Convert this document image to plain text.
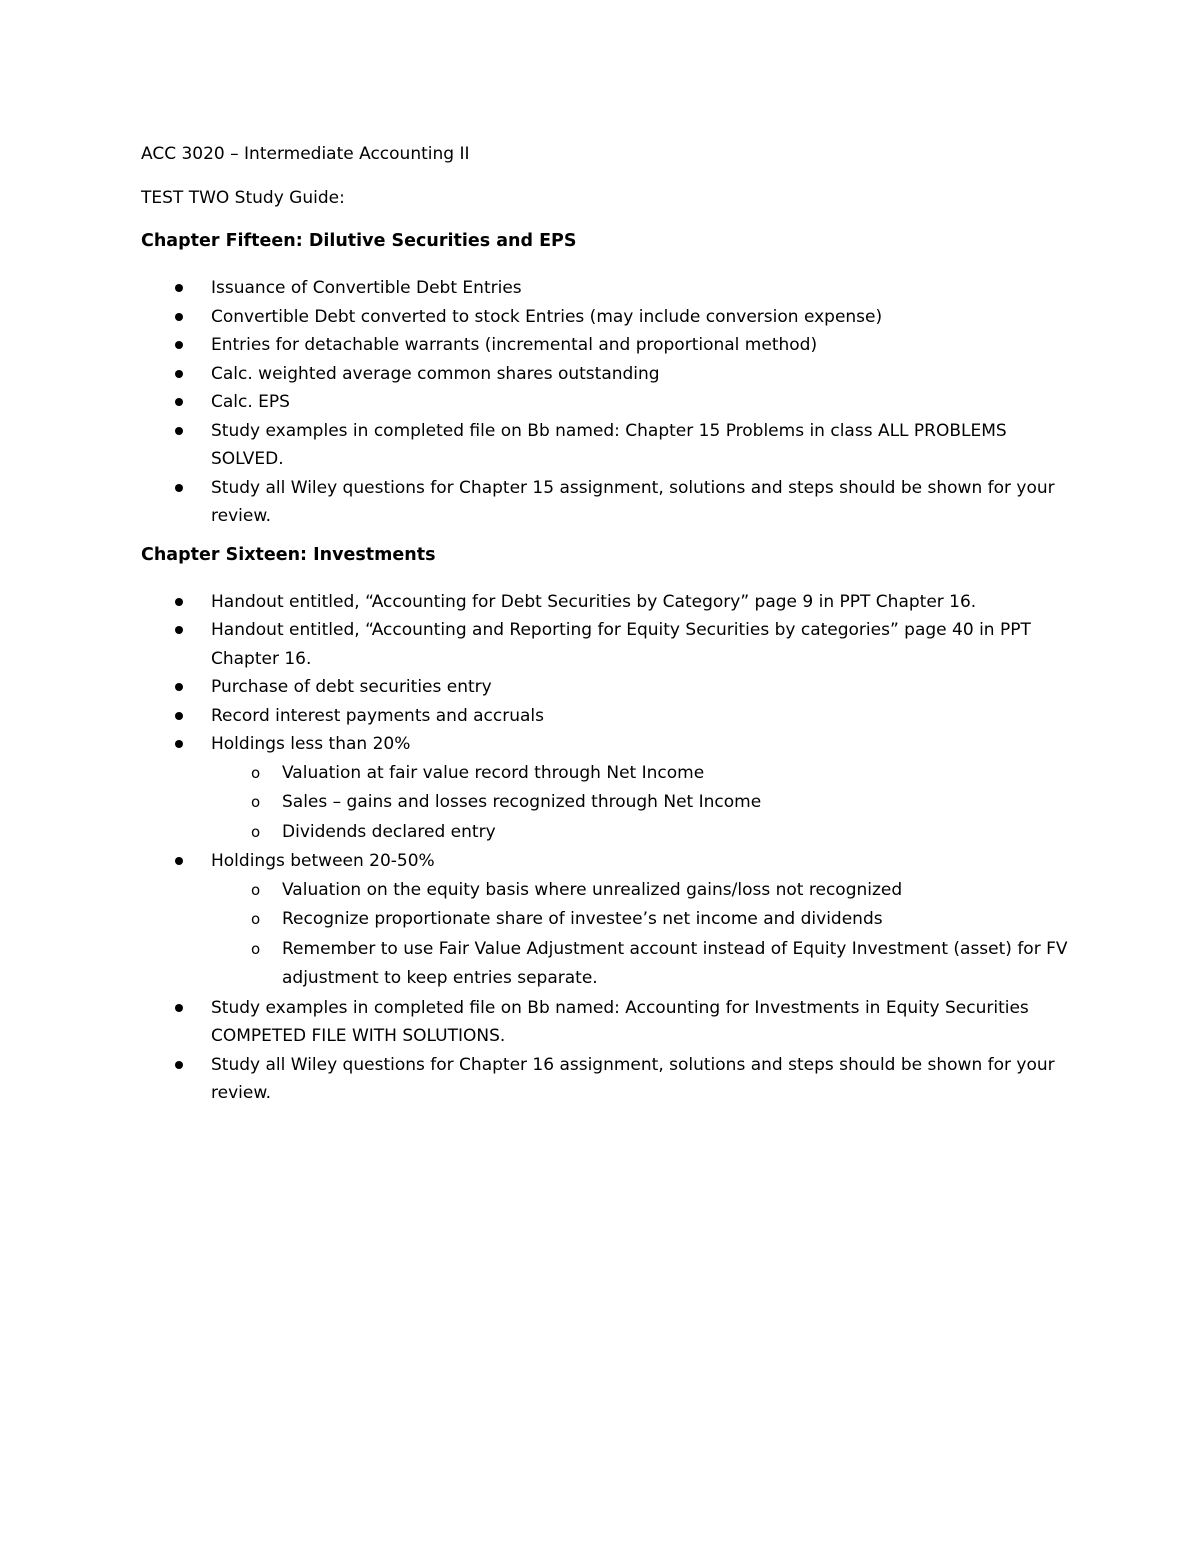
ACC 3020 – Intermediate Accounting II
TEST TWO Study Guide:
Chapter Fifteen: Dilutive Securities and EPS
Issuance of Convertible Debt Entries
Convertible Debt converted to stock Entries (may include conversion expense)
Entries for detachable warrants (incremental and proportional method)
Calc. weighted average common shares outstanding
Calc. EPS
Study examples in completed file on Bb named: Chapter 15 Problems in class ALL PROBLEMS SOLVED.
Study all Wiley questions for Chapter 15 assignment, solutions and steps should be shown for your review.
Chapter Sixteen: Investments
Handout entitled, “Accounting for Debt Securities by Category” page 9 in PPT Chapter 16.
Handout entitled, “Accounting and Reporting for Equity Securities by categories” page 40 in PPT Chapter 16.
Purchase of debt securities entry
Record interest payments and accruals
Holdings less than 20%
o Valuation at fair value record through Net Income
o Sales – gains and losses recognized through Net Income
o Dividends declared entry
Holdings between 20-50%
o Valuation on the equity basis where unrealized gains/loss not recognized
o Recognize proportionate share of investee’s net income and dividends
o Remember to use Fair Value Adjustment account instead of Equity Investment (asset) for FV adjustment to keep entries separate.
Study examples in completed file on Bb named: Accounting for Investments in Equity Securities COMPETED FILE WITH SOLUTIONS.
Study all Wiley questions for Chapter 16 assignment, solutions and steps should be shown for your review.
